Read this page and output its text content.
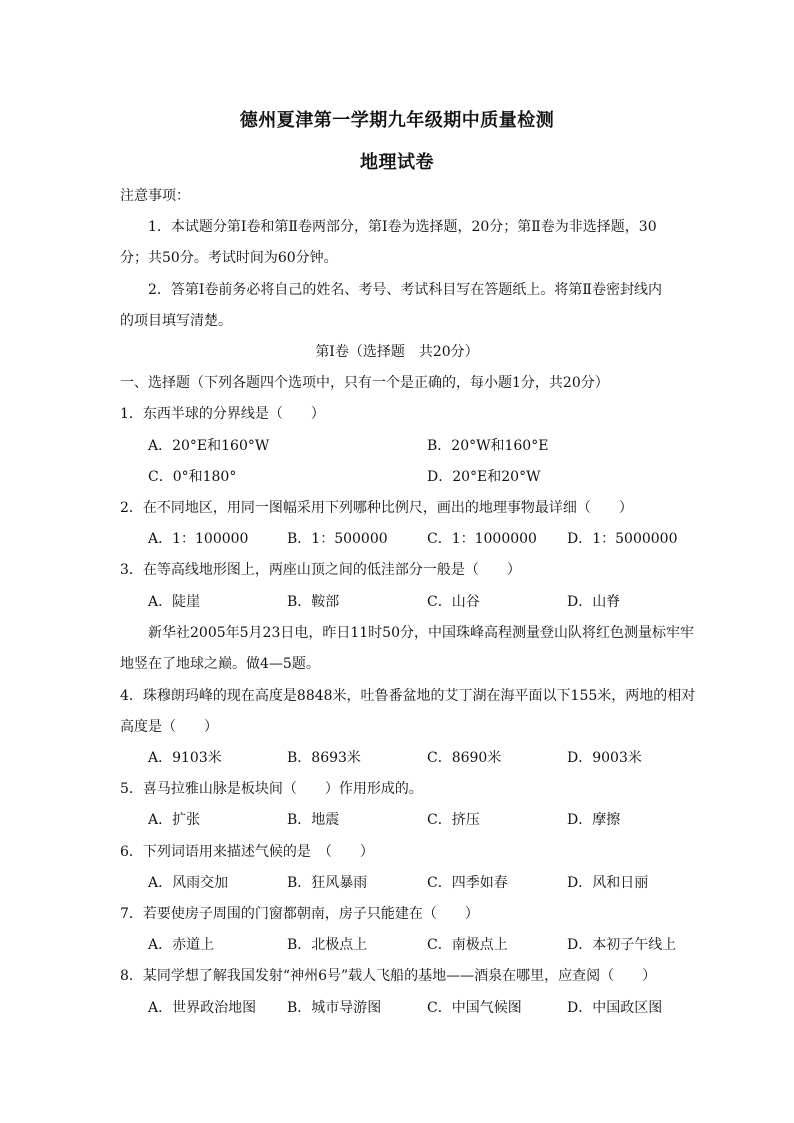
德州夏津第一学期九年级期中质量检测
地理试卷
注意事项：
1．本试题分第Ⅰ卷和第Ⅱ卷两部分，第Ⅰ卷为选择题，20分；第Ⅱ卷为非选择题，30
分；共50分。考试时间为60分钟。
2．答第Ⅰ卷前务必将自己的姓名、考号、考试科目写在答题纸上。将第Ⅱ卷密封线内
的项目填写清楚。
第Ⅰ卷（选择题　共20分）
一、选择题（下列各题四个选项中，只有一个是正确的，每小题1分，共20分）
1．东西半球的分界线是（　　）
A．20°E和160°W	B．20°W和160°E
C．0°和180°	D．20°E和20°W
2．在不同地区，用同一图幅采用下列哪种比例尺，画出的地理事物最详细（　　）
A．1：100000	B．1：500000	C．1：1000000 D．1：5000000
3．在等高线地形图上，两座山顶之间的低洼部分一般是（　　）
A．陡崖	B．鞍部	C．山谷	D．山脊
新华社2005年5月23日电，昨日11时50分，中国珠峰高程测量登山队将红色测量标牢牢
地竖在了地球之巅。做4—5题。
4．珠穆朗玛峰的现在高度是8848米，吐鲁番盆地的艾丁湖在海平面以下155米，两地的相对
高度是（　　）
A．9103米	B．8693米	C．8690米	D．9003米
5．喜马拉雅山脉是板块间（　　）作用形成的。
A．扩张	B．地震	C．挤压	D．摩擦
6．下列词语用来描述气候的是　（　　）
A．风雨交加	B．狂风暴雨	C．四季如春	D．风和日丽
7．若要使房子周围的门窗都朝南，房子只能建在（　　）
A．赤道上	B．北极点上	C．南极点上	D．本初子午线上
8．某同学想了解我国发射“神州6号”载人飞船的基地——酒泉在哪里，应查阅（　　）
A．世界政治地图 B．城市导游图	C．中国气候图	D．中国政区图
